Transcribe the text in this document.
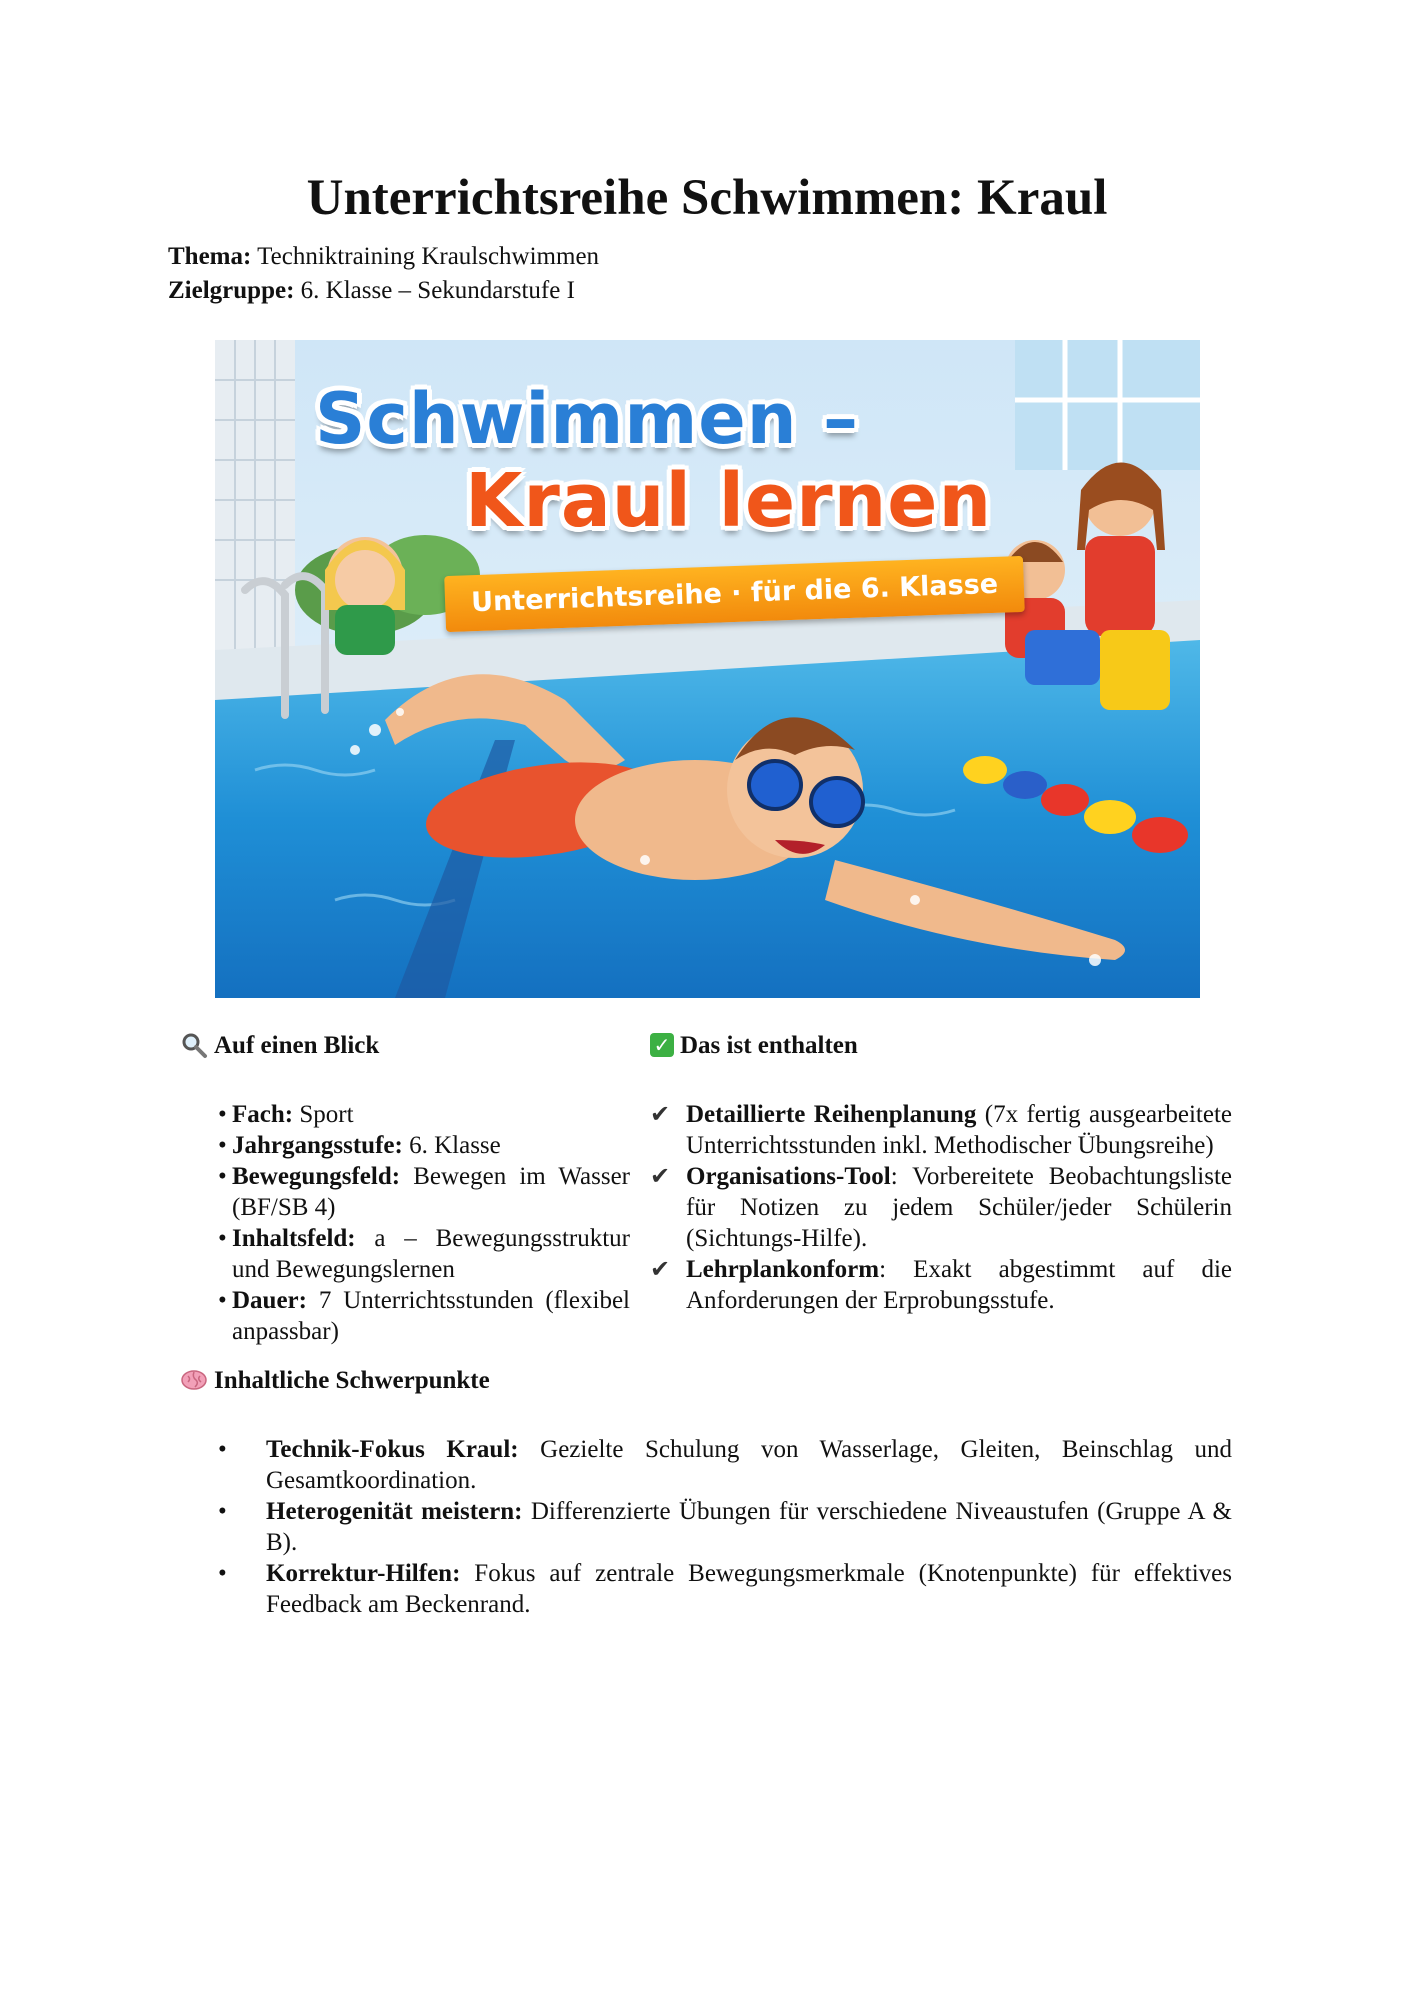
Unterrichtsreihe Schwimmen: Kraul
Thema: Techniktraining Kraulschwimmen
Zielgruppe: 6. Klasse – Sekundarstufe I
Schwimmen –
Kraul lernen
Unterrichtsreihe · für die 6. Klasse
Auf einen Blick
• Fach: Sport
• Jahrgangsstufe: 6. Klasse
• Bewegungsfeld: Bewegen im Wasser (BF/SB 4)
• Inhaltsfeld: a – Bewegungsstruktur und Bewegungslernen
• Dauer: 7 Unterrichtsstunden (flexibel anpassbar)
✓ Das ist enthalten
✔ Detaillierte Reihenplanung (7x fertig ausgearbeitete Unterrichtsstunden inkl. Methodischer Übungsreihe)
✔ Organisations-Tool: Vorbereitete Beobachtungsliste für Notizen zu jedem Schüler/jeder Schülerin (Sichtungs-Hilfe).
✔ Lehrplankonform: Exakt abgestimmt auf die Anforderungen der Erprobungsstufe.
Inhaltliche Schwerpunkte
• Technik-Fokus Kraul: Gezielte Schulung von Wasserlage, Gleiten, Beinschlag und Gesamtkoordination.
• Heterogenität meistern: Differenzierte Übungen für verschiedene Niveaustufen (Gruppe A & B).
• Korrektur-Hilfen: Fokus auf zentrale Bewegungsmerkmale (Knotenpunkte) für effektives Feedback am Beckenrand.
